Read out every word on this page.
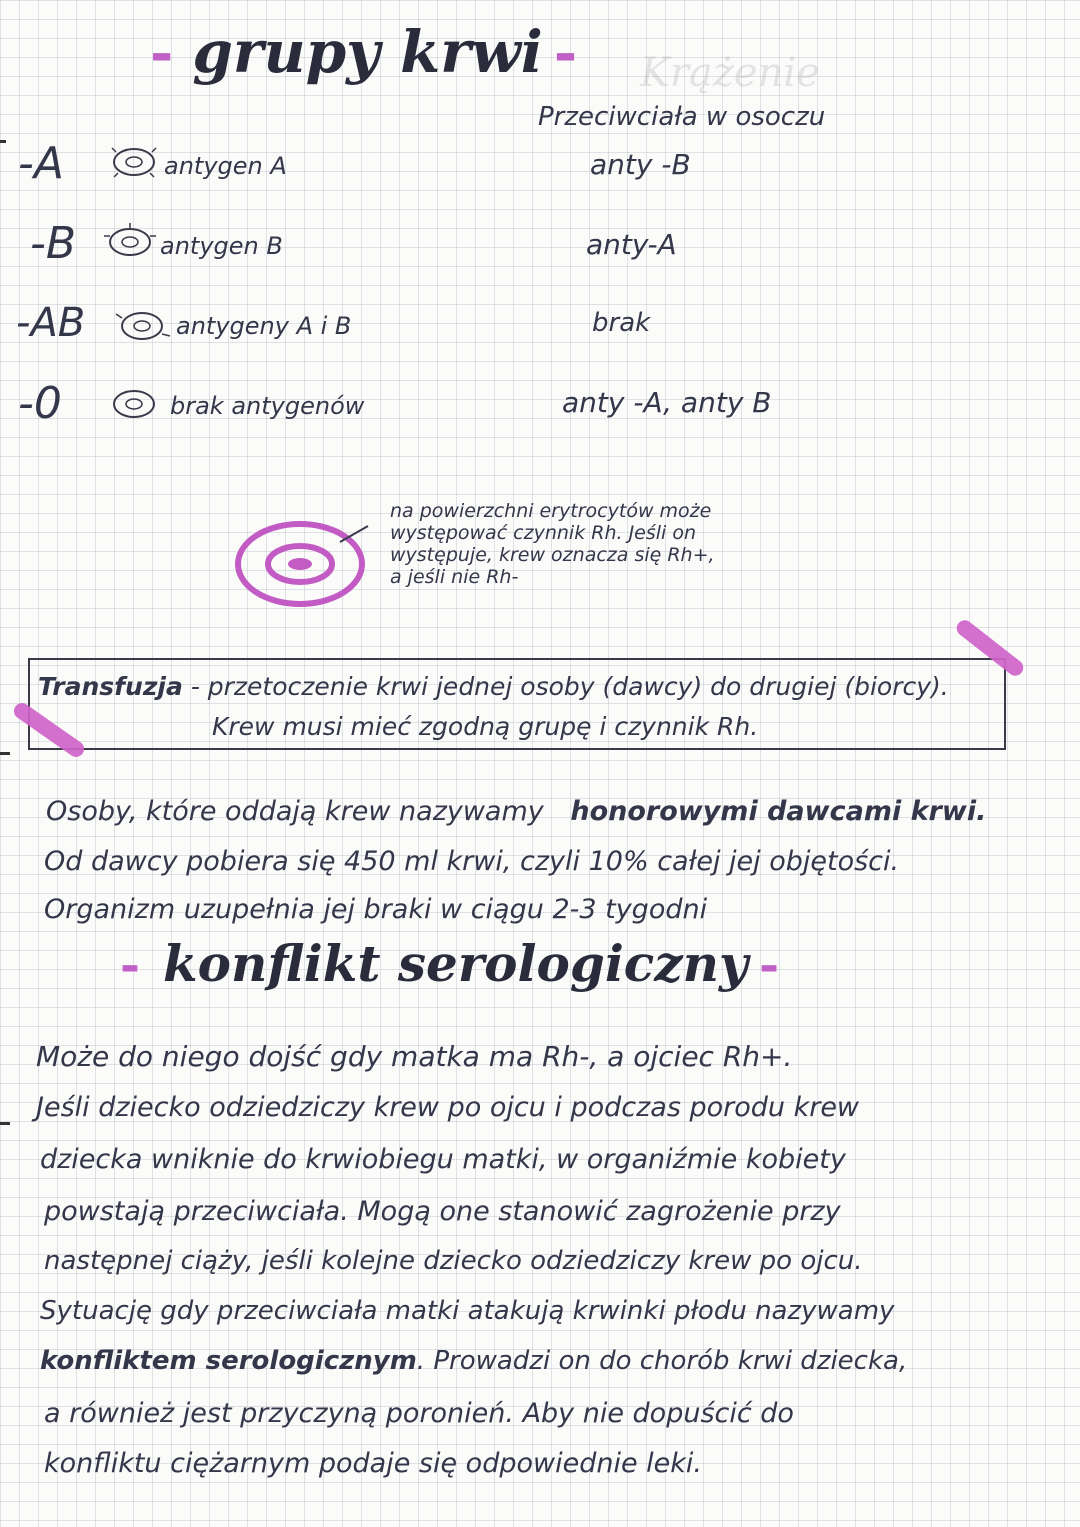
Krążenie
- grupy krwi -
Przeciwciała w osoczu
-A	antygen A	anty -B
-B	antygen B	anty-A
-AB	antygeny A i B	brak
-0	brak antygenów	anty -A, anty B
na powierzchni erytrocytów może
występować czynnik Rh. Jeśli on
występuje, krew oznacza się Rh+,
a jeśli nie Rh-
Transfuzja - przetoczenie krwi jednej osoby (dawcy) do drugiej (biorcy).
Krew musi mieć zgodną grupę i czynnik Rh.
Osoby, które oddają krew nazywamy honorowymi dawcami krwi.
Od dawcy pobiera się 450 ml krwi, czyli 10% całej jej objętości.
Organizm uzupełnia jej braki w ciągu 2-3 tygodni
- konflikt serologiczny -
Może do niego dojść gdy matka ma Rh-, a ojciec Rh+.
Jeśli dziecko odziedziczy krew po ojcu i podczas porodu krew
dziecka wniknie do krwiobiegu matki, w organiźmie kobiety
powstają przeciwciała. Mogą one stanowić zagrożenie przy
następnej ciąży, jeśli kolejne dziecko odziedziczy krew po ojcu.
Sytuację gdy przeciwciała matki atakują krwinki płodu nazywamy
konfliktem serologicznym. Prowadzi on do chorób krwi dziecka,
a również jest przyczyną poronień. Aby nie dopuścić do
konfliktu ciężarnym podaje się odpowiednie leki.
